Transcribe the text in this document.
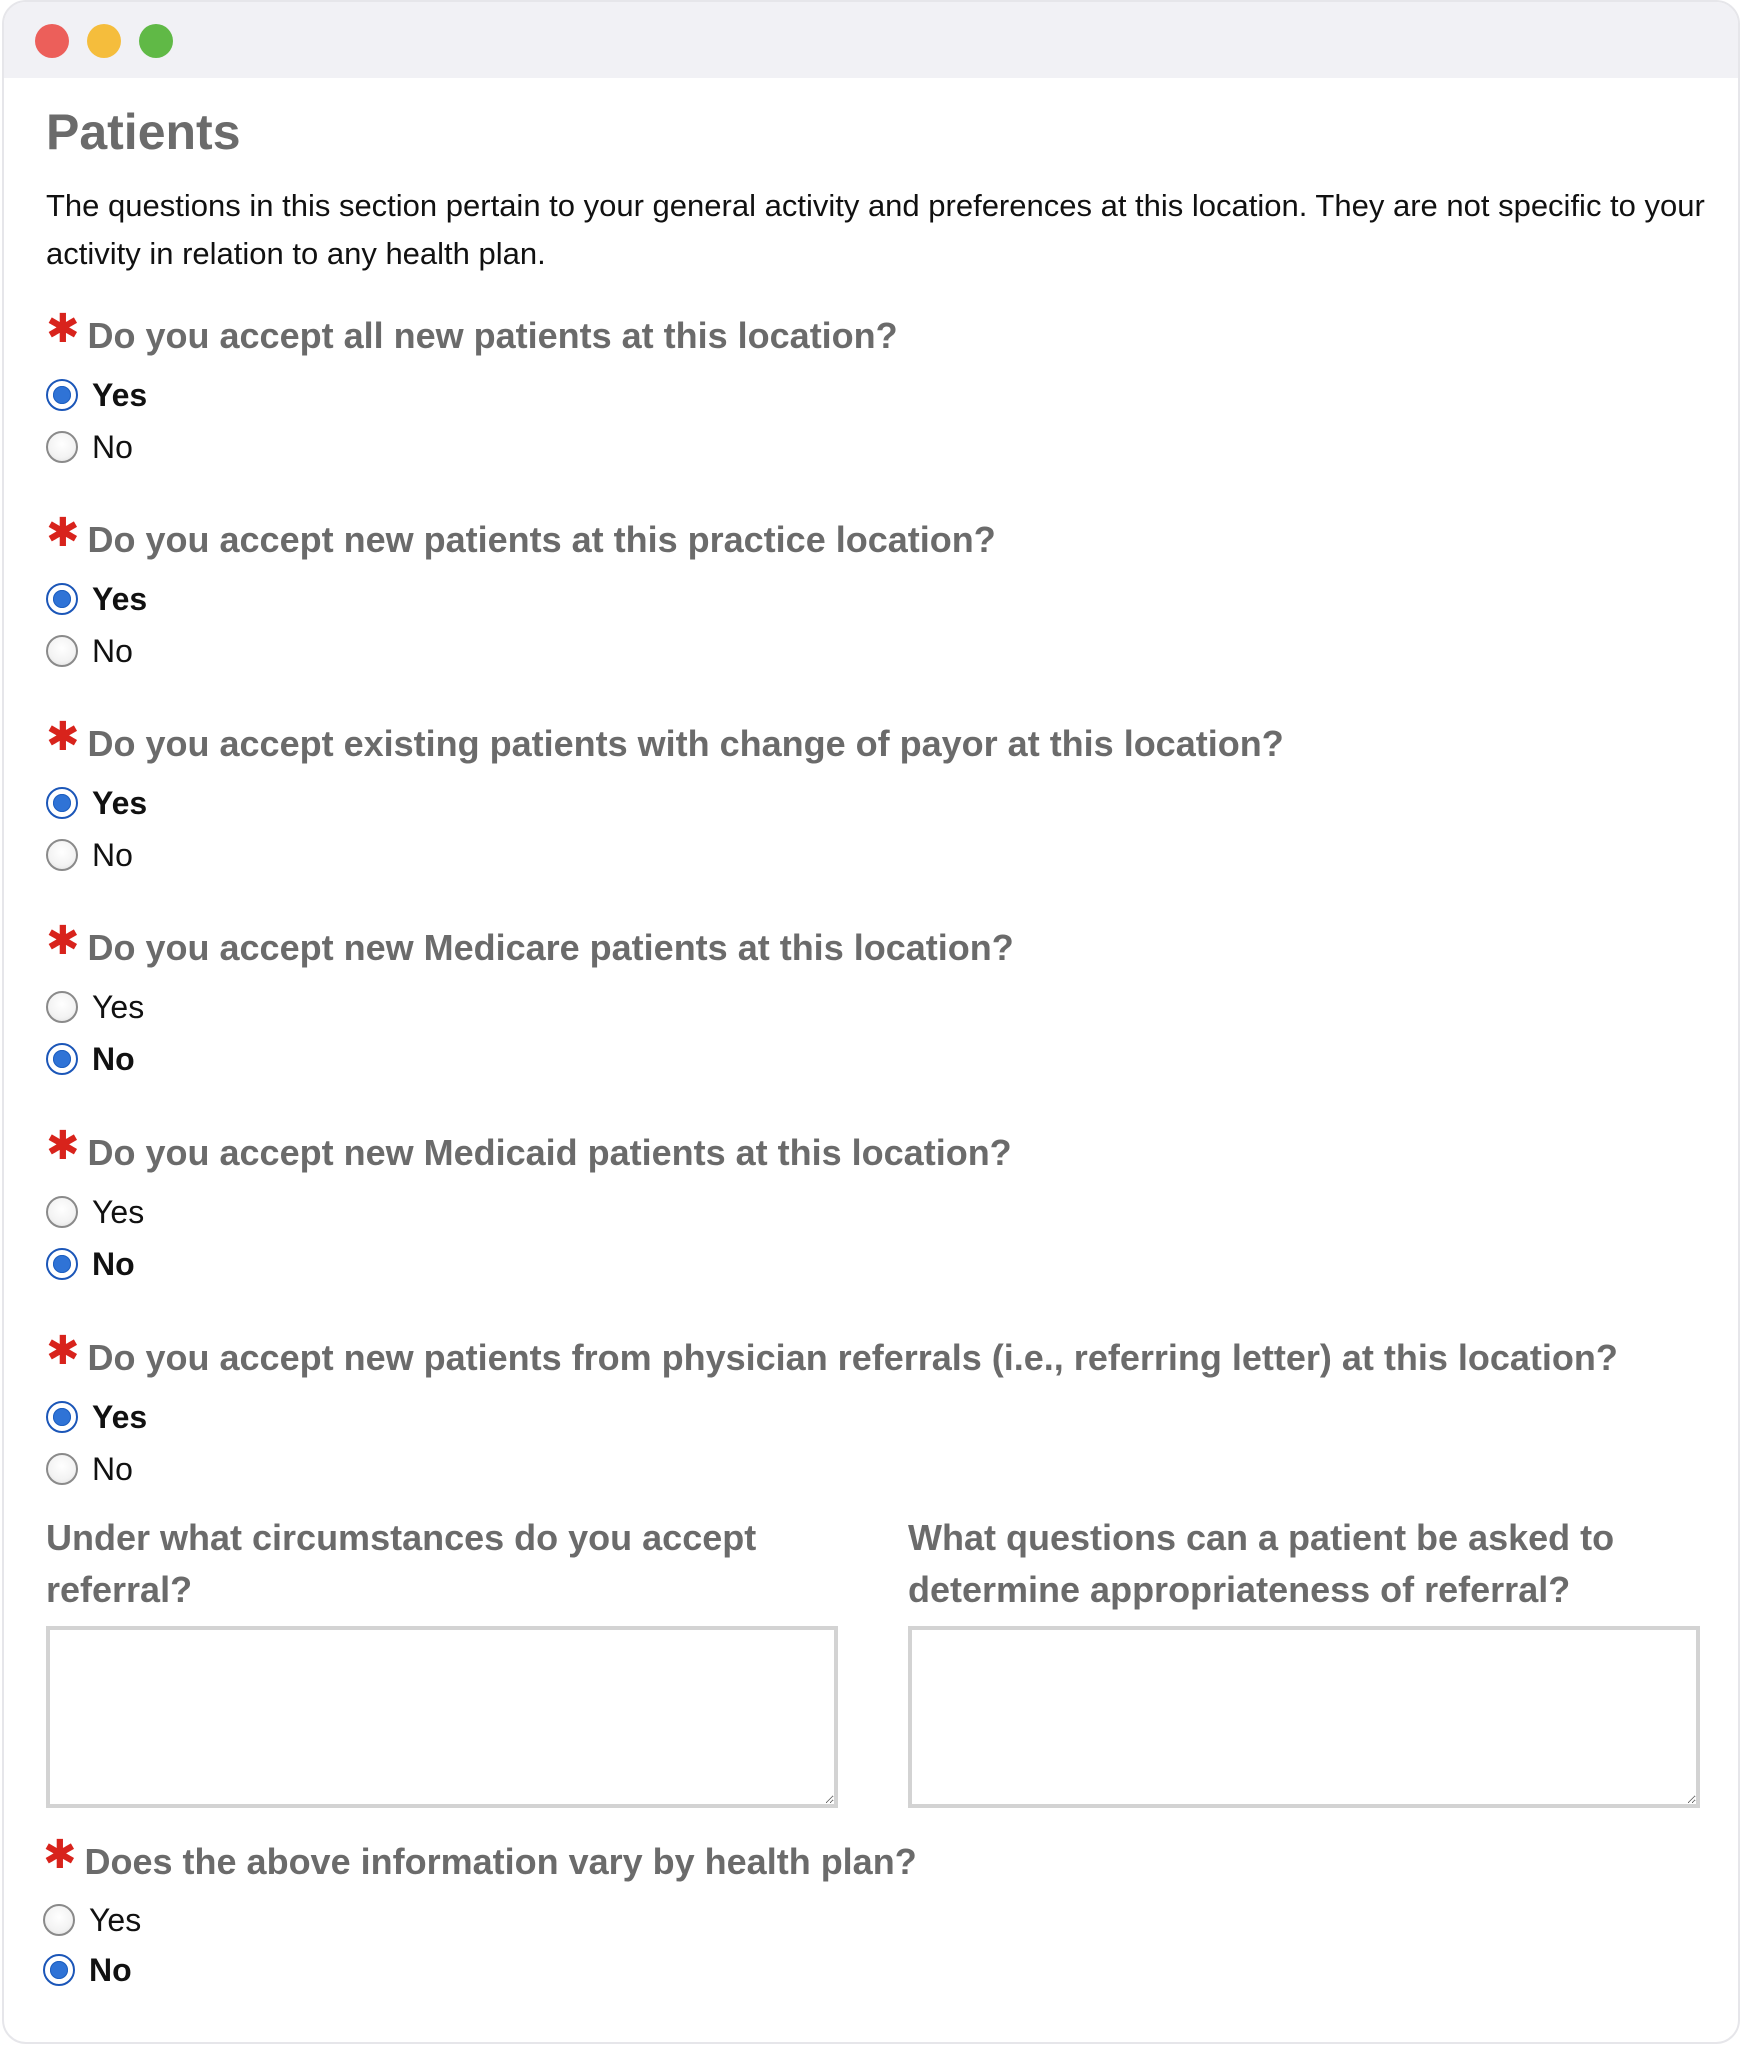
Patients

The questions in this section pertain to your general activity and preferences at this location. They are not specific to your activity in relation to any health plan.

✱ Do you accept all new patients at this location?
Yes
No
✱ Do you accept new patients at this practice location?
Yes
No
✱ Do you accept existing patients with change of payor at this location?
Yes
No
✱ Do you accept new Medicare patients at this location?
Yes
No
✱ Do you accept new Medicaid patients at this location?
Yes
No
✱ Do you accept new patients from physician referrals (i.e., referring letter) at this location?
Yes
No
Under what circumstances do you accept referral?
What questions can a patient be asked to determine appropriateness of referral?
✱ Does the above information vary by health plan?
Yes
No
